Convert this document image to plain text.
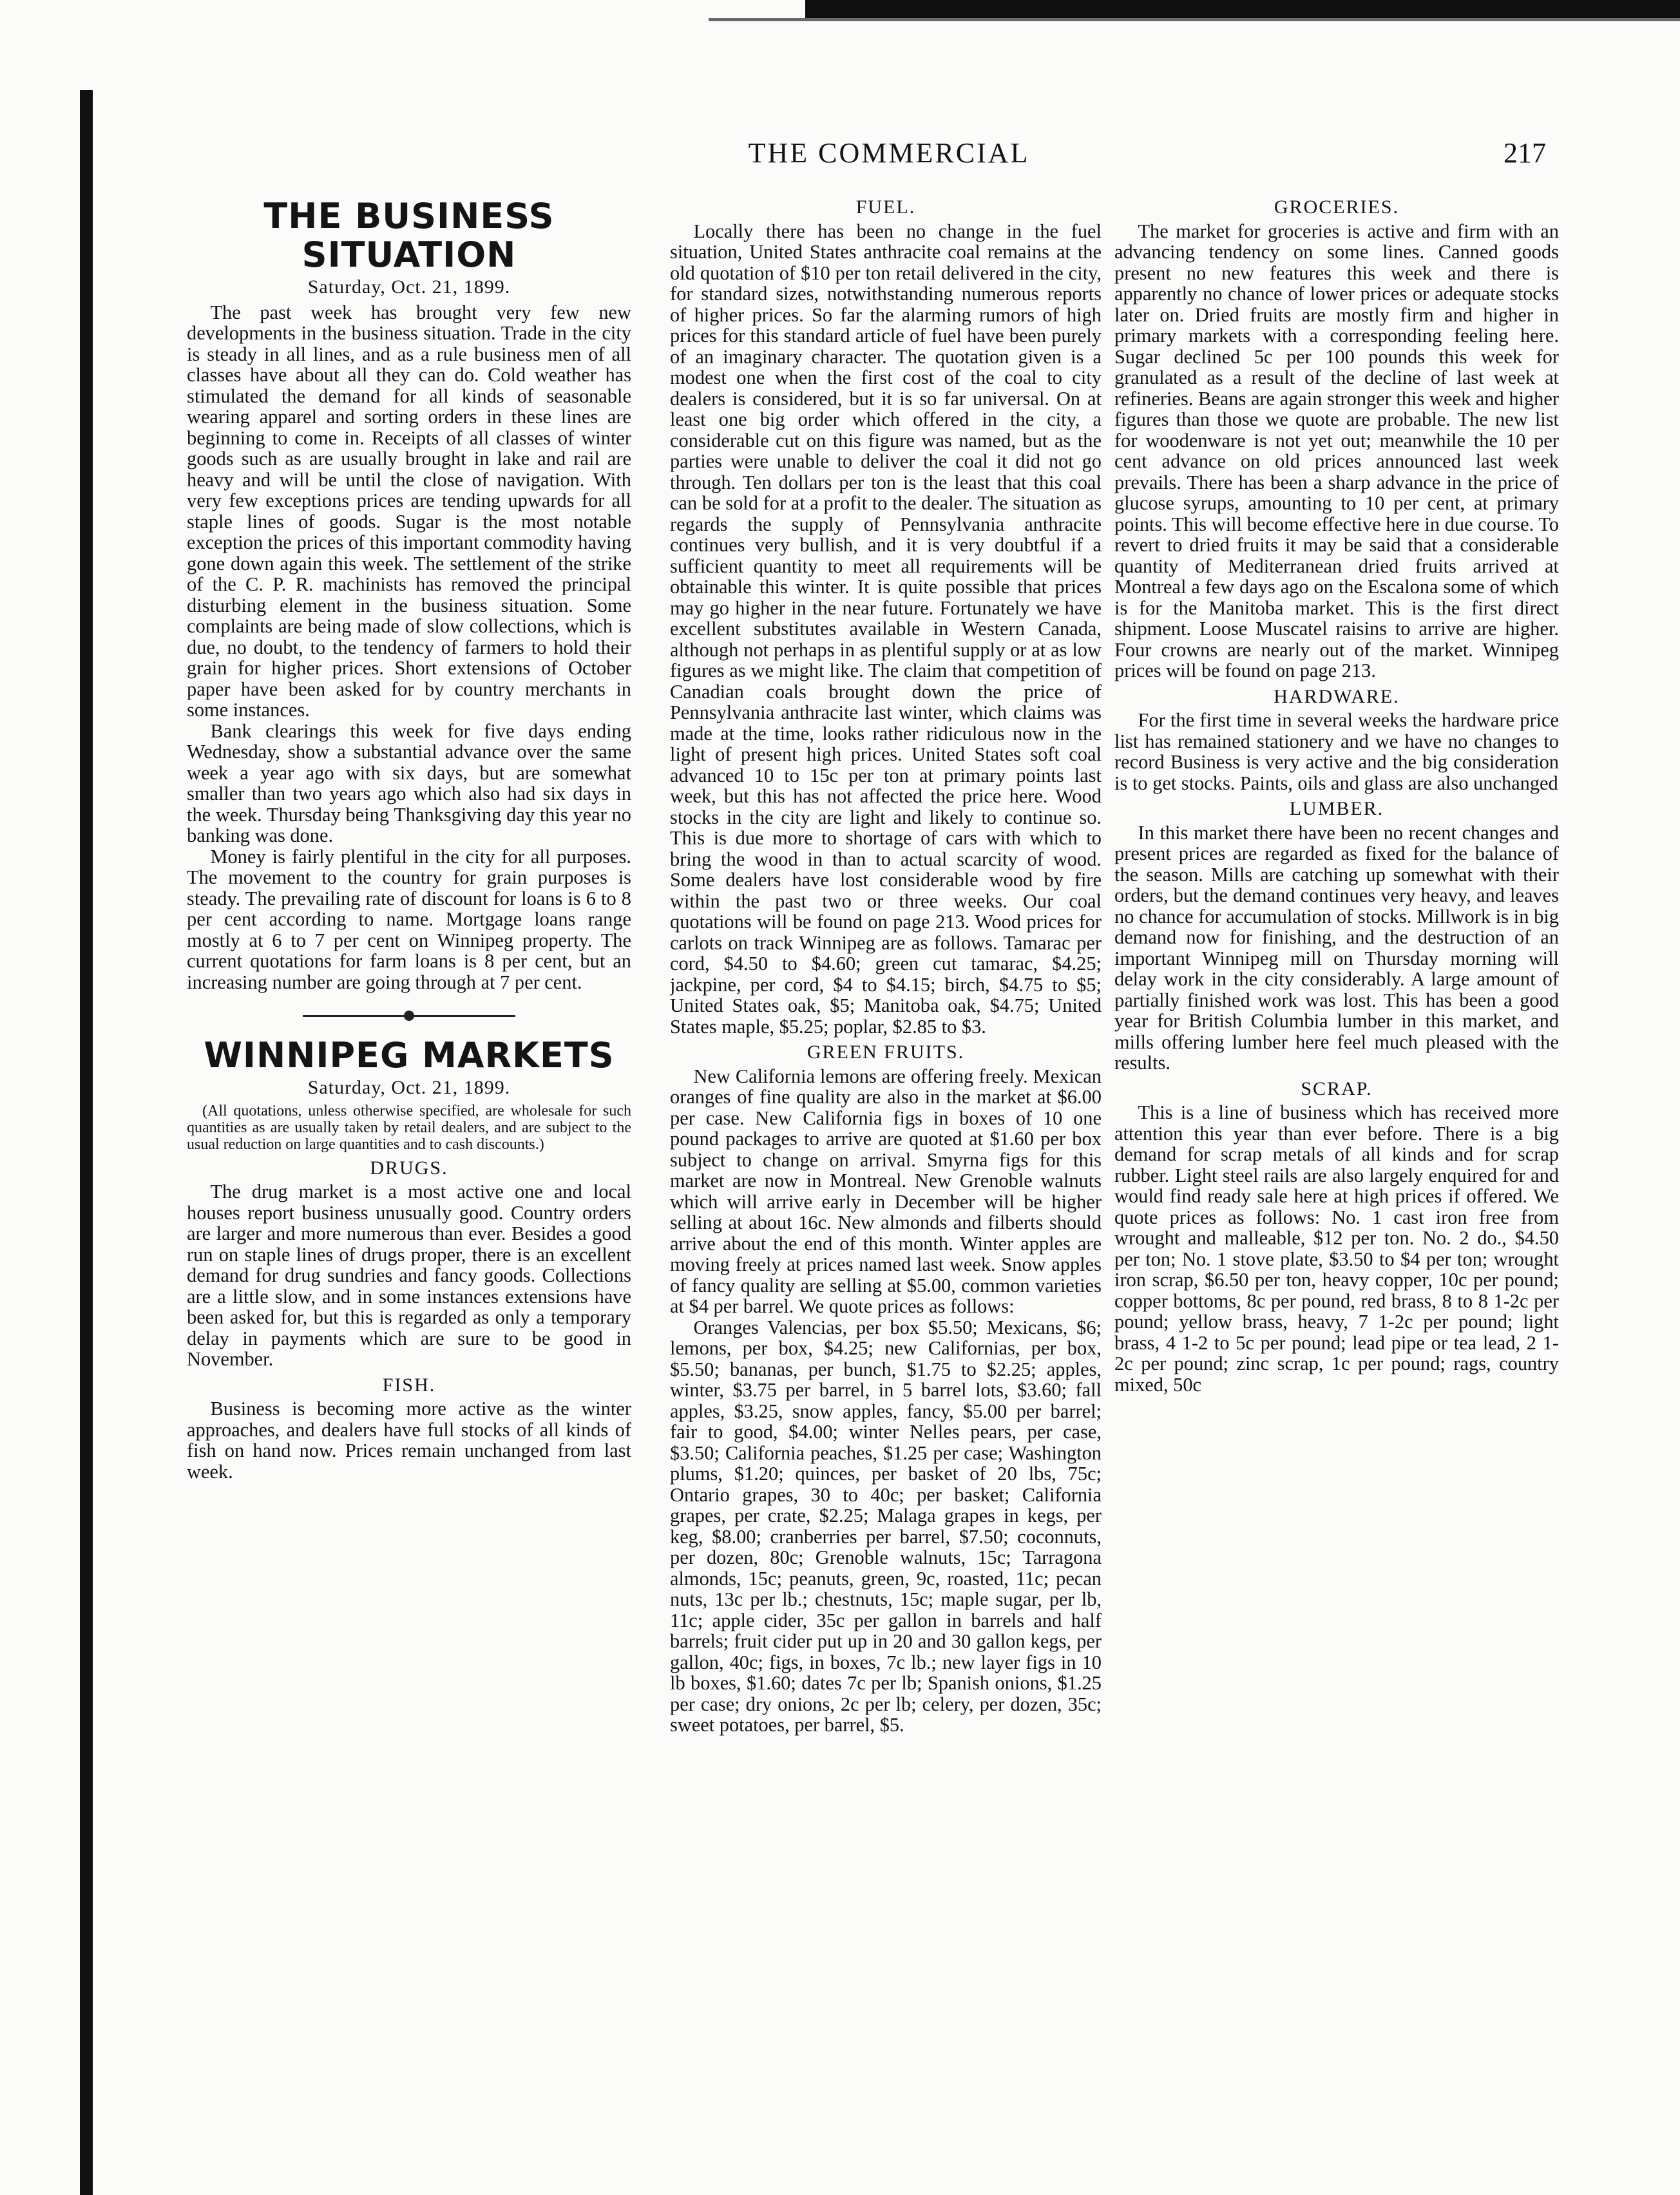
THE COMMERCIAL	217
THE BUSINESS SITUATION
Saturday, Oct. 21, 1899.

The past week has brought very few new developments in the business situation. Trade in the city is steady in all lines, and as a rule business men of all classes have about all they can do. Cold weather has stimulated the demand for all kinds of seasonable wearing apparel and sorting orders in these lines are beginning to come in. Receipts of all classes of winter goods such as are usually brought in lake and rail are heavy and will be until the close of navigation. With very few exceptions prices are tending upwards for all staple lines of goods. Sugar is the most notable exception the prices of this important commodity having gone down again this week. The settlement of the strike of the C. P. R. machinists has removed the principal disturbing element in the business situation. Some complaints are being made of slow collections, which is due, no doubt, to the tendency of farmers to hold their grain for higher prices. Short extensions of October paper have been asked for by country merchants in some instances.

Bank clearings this week for five days ending Wednesday, show a substantial advance over the same week a year ago with six days, but are somewhat smaller than two years ago which also had six days in the week. Thursday being Thanksgiving day this year no banking was done.

Money is fairly plentiful in the city for all purposes. The movement to the country for grain purposes is steady. The prevailing rate of discount for loans is 6 to 8 per cent according to name. Mortgage loans range mostly at 6 to 7 per cent on Winnipeg property. The current quotations for farm loans is 8 per cent, but an increasing number are going through at 7 per cent.

WINNIPEG MARKETS
Saturday, Oct. 21, 1899.

(All quotations, unless otherwise specified, are wholesale for such quantities as are usually taken by retail dealers, and are subject to the usual reduction on large quantities and to cash discounts.)

DRUGS.

The drug market is a most active one and local houses report business unusually good. Country orders are larger and more numerous than ever. Besides a good run on staple lines of drugs proper, there is an excellent demand for drug sundries and fancy goods. Collections are a little slow, and in some instances extensions have been asked for, but this is regarded as only a temporary delay in payments which are sure to be good in November.

FISH.

Business is becoming more active as the winter approaches, and dealers have full stocks of all kinds of fish on hand now. Prices remain unchanged from last week.

FUEL.

Locally there has been no change in the fuel situation, United States anthracite coal remains at the old quotation of $10 per ton retail delivered in the city, for standard sizes, notwithstanding numerous reports of higher prices. So far the alarming rumors of high prices for this standard article of fuel have been purely of an imaginary character. The quotation given is a modest one when the first cost of the coal to city dealers is considered, but it is so far universal. On at least one big order which offered in the city, a considerable cut on this figure was named, but as the parties were unable to deliver the coal it did not go through. Ten dollars per ton is the least that this coal can be sold for at a profit to the dealer. The situation as regards the supply of Pennsylvania anthracite continues very bullish, and it is very doubtful if a sufficient quantity to meet all requirements will be obtainable this winter. It is quite possible that prices may go higher in the near future. Fortunately we have excellent substitutes available in Western Canada, although not perhaps in as plentiful supply or at as low figures as we might like. The claim that competition of Canadian coals brought down the price of Pennsylvania anthracite last winter, which claims was made at the time, looks rather ridiculous now in the light of present high prices. United States soft coal advanced 10 to 15c per ton at primary points last week, but this has not affected the price here. Wood stocks in the city are light and likely to continue so. This is due more to shortage of cars with which to bring the wood in than to actual scarcity of wood. Some dealers have lost considerable wood by fire within the past two or three weeks. Our coal quotations will be found on page 213. Wood prices for carlots on track Winnipeg are as follows. Tamarac per cord, $4.50 to $4.60; green cut tamarac, $4.25; jackpine, per cord, $4 to $4.15; birch, $4.75 to $5; United States oak, $5; Manitoba oak, $4.75; United States maple, $5.25; poplar, $2.85 to $3.

GREEN FRUITS.

New California lemons are offering freely. Mexican oranges of fine quality are also in the market at $6.00 per case. New California figs in boxes of 10 one pound packages to arrive are quoted at $1.60 per box subject to change on arrival. Smyrna figs for this market are now in Montreal. New Grenoble walnuts which will arrive early in December will be higher selling at about 16c. New almonds and filberts should arrive about the end of this month. Winter apples are moving freely at prices named last week. Snow apples of fancy quality are selling at $5.00, common varieties at $4 per barrel. We quote prices as follows:

Oranges Valencias, per box $5.50; Mexicans, $6; lemons, per box, $4.25; new Californias, per box, $5.50; bananas, per bunch, $1.75 to $2.25; apples, winter, $3.75 per barrel, in 5 barrel lots, $3.60; fall apples, $3.25, snow apples, fancy, $5.00 per barrel; fair to good, $4.00; winter Nelles pears, per case, $3.50; California peaches, $1.25 per case; Washington plums, $1.20; quinces, per basket of 20 lbs, 75c; Ontario grapes, 30 to 40c; per basket; California grapes, per crate, $2.25; Malaga grapes in kegs, per keg, $8.00; cranberries per barrel, $7.50; coconnuts, per dozen, 80c; Grenoble walnuts, 15c; Tarragona almonds, 15c; peanuts, green, 9c, roasted, 11c; pecan nuts, 13c per lb.; chestnuts, 15c; maple sugar, per lb, 11c; apple cider, 35c per gallon in barrels and half barrels; fruit cider put up in 20 and 30 gallon kegs, per gallon, 40c; figs, in boxes, 7c lb.; new layer figs in 10 lb boxes, $1.60; dates 7c per lb; Spanish onions, $1.25 per case; dry onions, 2c per lb; celery, per dozen, 35c; sweet potatoes, per barrel, $5.

GROCERIES.

The market for groceries is active and firm with an advancing tendency on some lines. Canned goods present no new features this week and there is apparently no chance of lower prices or adequate stocks later on. Dried fruits are mostly firm and higher in primary markets with a corresponding feeling here. Sugar declined 5c per 100 pounds this week for granulated as a result of the decline of last week at refineries. Beans are again stronger this week and higher figures than those we quote are probable. The new list for woodenware is not yet out; meanwhile the 10 per cent advance on old prices announced last week prevails. There has been a sharp advance in the price of glucose syrups, amounting to 10 per cent, at primary points. This will become effective here in due course. To revert to dried fruits it may be said that a considerable quantity of Mediterranean dried fruits arrived at Montreal a few days ago on the Escalona some of which is for the Manitoba market. This is the first direct shipment. Loose Muscatel raisins to arrive are higher. Four crowns are nearly out of the market. Winnipeg prices will be found on page 213.

HARDWARE.

For the first time in several weeks the hardware price list has remained stationery and we have no changes to record Business is very active and the big consideration is to get stocks. Paints, oils and glass are also unchanged

LUMBER.

In this market there have been no recent changes and present prices are regarded as fixed for the balance of the season. Mills are catching up somewhat with their orders, but the demand continues very heavy, and leaves no chance for accumulation of stocks. Millwork is in big demand now for finishing, and the destruction of an important Winnipeg mill on Thursday morning will delay work in the city considerably. A large amount of partially finished work was lost. This has been a good year for British Columbia lumber in this market, and mills offering lumber here feel much pleased with the results.

SCRAP.

This is a line of business which has received more attention this year than ever before. There is a big demand for scrap metals of all kinds and for scrap rubber. Light steel rails are also largely enquired for and would find ready sale here at high prices if offered. We quote prices as follows: No. 1 cast iron free from wrought and malleable, $12 per ton. No. 2 do., $4.50 per ton; No. 1 stove plate, $3.50 to $4 per ton; wrought iron scrap, $6.50 per ton, heavy copper, 10c per pound; copper bottoms, 8c per pound, red brass, 8 to 8 1-2c per pound; yellow brass, heavy, 7 1-2c per pound; light brass, 4 1-2 to 5c per pound; lead pipe or tea lead, 2 1-2c per pound; zinc scrap, 1c per pound; rags, country mixed, 50c
